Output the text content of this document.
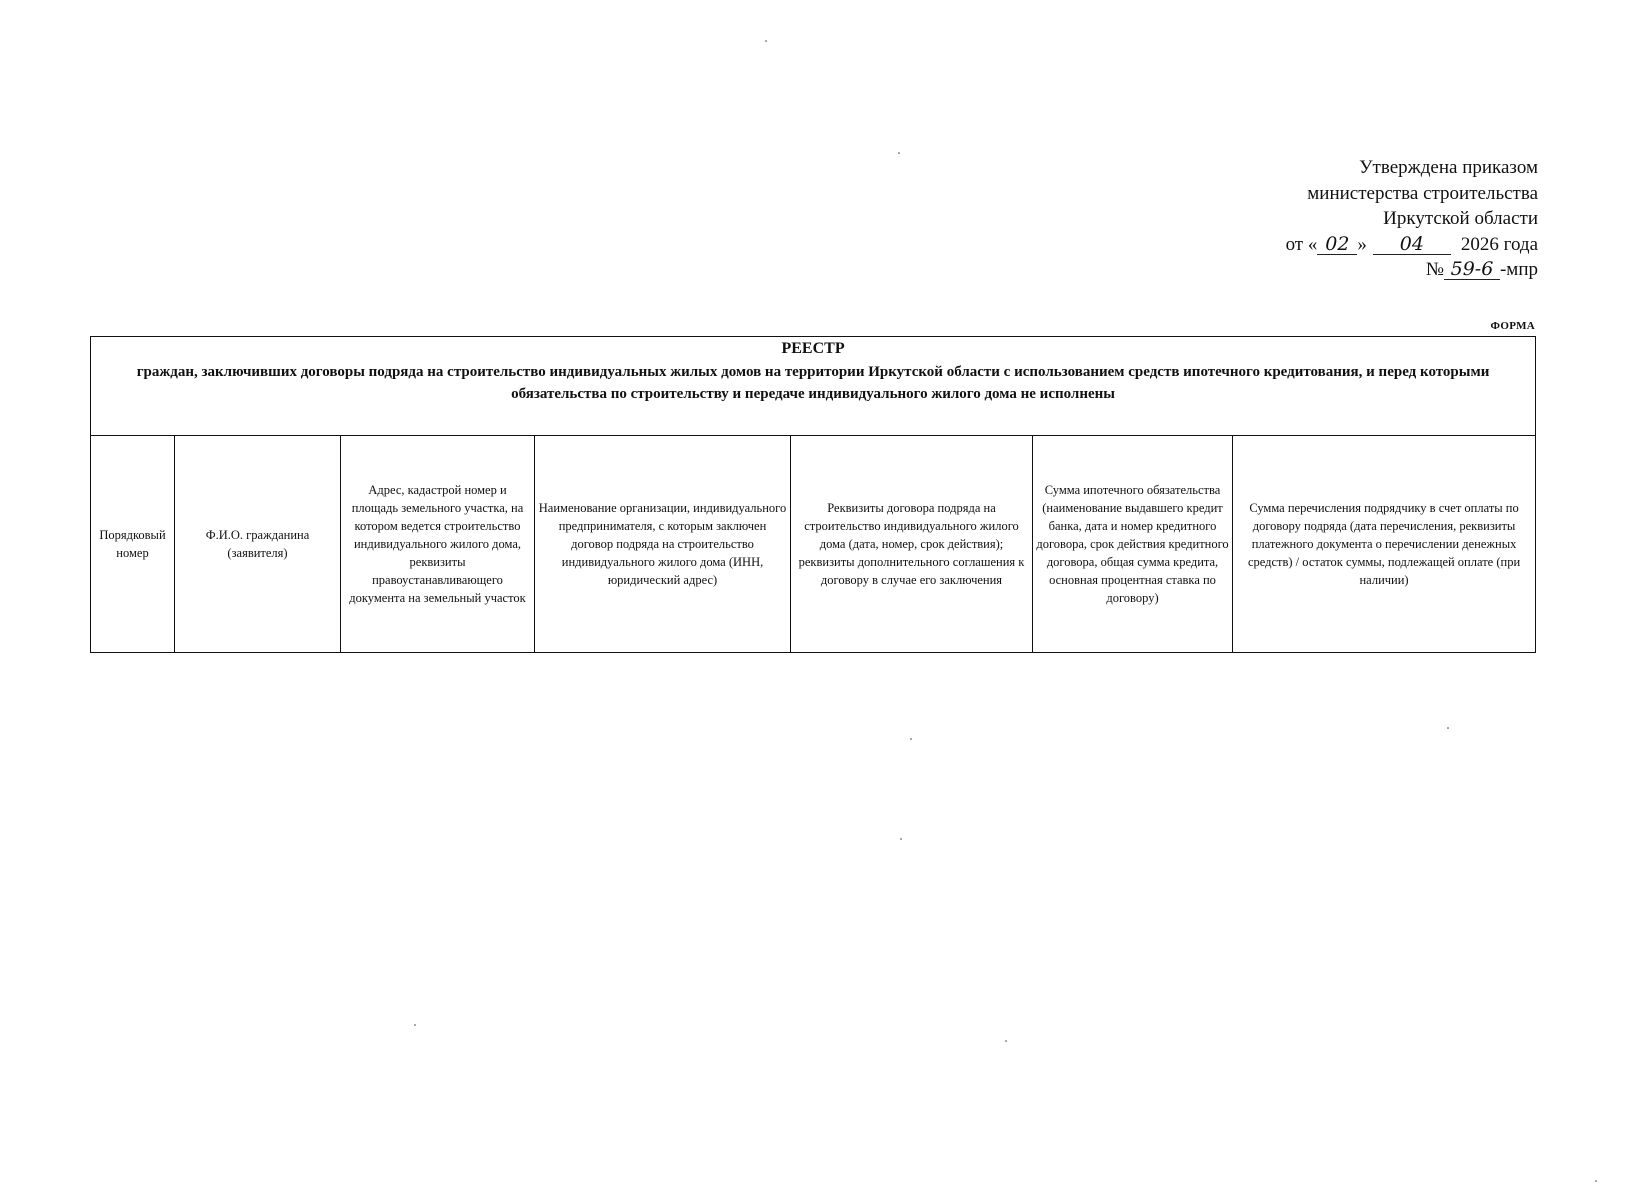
Утверждена приказом
министерства строительства
Иркутской области
от « 02 » 04 2026 года
№ 59-6 -мпр
ФОРМА
РЕЕСТР
граждан, заключивших договоры подряда на строительство индивидуальных жилых домов на территории Иркутской области с использованием средств ипотечного кредитования, и перед которыми обязательства по строительству и передаче индивидуального жилого дома не исполнены

Порядковый номер	Ф.И.О. гражданина (заявителя)	Адрес, кадастрой номер и площадь земельного участка, на котором ведется строительство индивидуального жилого дома, реквизиты правоустанавливающего документа на земельный участок	Наименование организации, индивидуального предпринимателя, с которым заключен договор подряда на строительство индивидуального жилого дома (ИНН, юридический адрес)	Реквизиты договора подряда на строительство индивидуального жилого дома (дата, номер, срок действия); реквизиты дополнительного соглашения к договору в случае его заключения	Сумма ипотечного обязательства (наименование выдавшего кредит банка, дата и номер кредитного договора, срок действия кредитного договора, общая сумма кредита, основная процентная ставка по договору)	Сумма перечисления подрядчику в счет оплаты по договору подряда (дата перечисления, реквизиты платежного документа о перечислении денежных средств) / остаток суммы, подлежащей оплате (при наличии)
